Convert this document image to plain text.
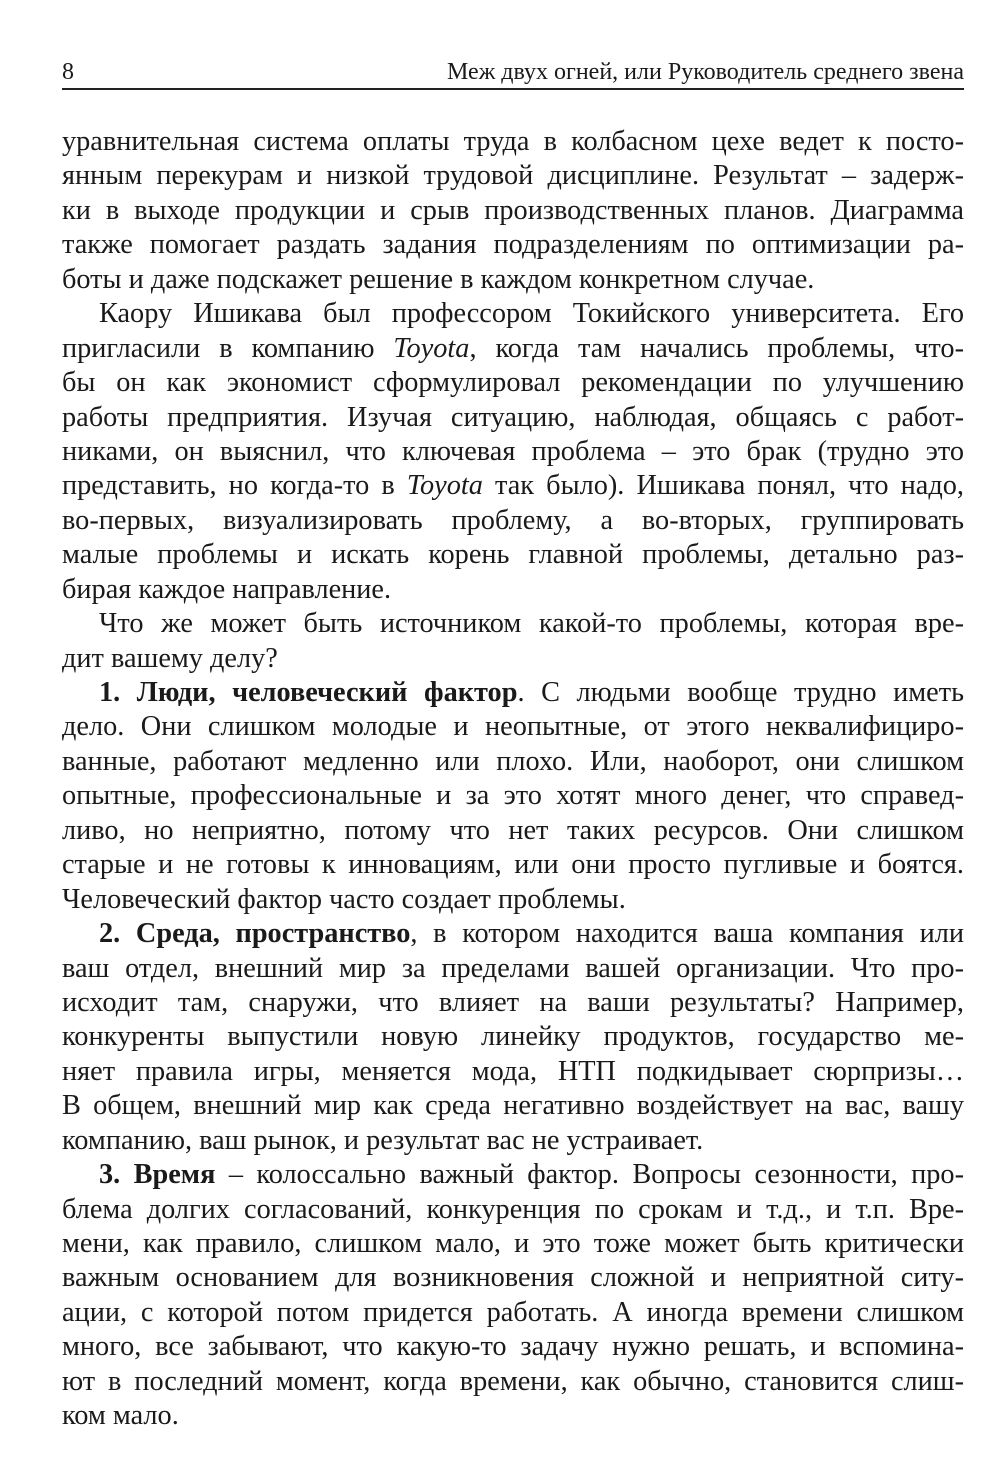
8	Меж двух огней, или Руководитель среднего звена

уравнительная система оплаты труда в колбасном цехе ведет к посто-
янным перекурам и низкой трудовой дисциплине. Результат – задерж-
ки в выходе продукции и срыв производственных планов. Диаграмма
также помогает раздать задания подразделениям по оптимизации ра-
боты и даже подскажет решение в каждом конкретном случае.

Каору Ишикава был профессором Токийского университета. Его
пригласили в компанию Toyota, когда там начались проблемы, что-
бы он как экономист сформулировал рекомендации по улучшению
работы предприятия. Изучая ситуацию, наблюдая, общаясь с работ-
никами, он выяснил, что ключевая проблема – это брак (трудно это
представить, но когда-то в Toyota так было). Ишикава понял, что надо,
во-первых, визуализировать проблему, а во-вторых, группировать
малые проблемы и искать корень главной проблемы, детально раз-
бирая каждое направление.

Что же может быть источником какой-то проблемы, которая вре-
дит вашему делу?

1. Люди, человеческий фактор. С людьми вообще трудно иметь
дело. Они слишком молодые и неопытные, от этого неквалифициро-
ванные, работают медленно или плохо. Или, наоборот, они слишком
опытные, профессиональные и за это хотят много денег, что справед-
ливо, но неприятно, потому что нет таких ресурсов. Они слишком
старые и не готовы к инновациям, или они просто пугливые и боятся.
Человеческий фактор часто создает проблемы.

2. Среда, пространство, в котором находится ваша компания или
ваш отдел, внешний мир за пределами вашей организации. Что про-
исходит там, снаружи, что влияет на ваши результаты? Например,
конкуренты выпустили новую линейку продуктов, государство ме-
няет правила игры, меняется мода, НТП подкидывает сюрпризы…
В общем, внешний мир как среда негативно воздействует на вас, вашу
компанию, ваш рынок, и результат вас не устраивает.

3. Время – колоссально важный фактор. Вопросы сезонности, про-
блема долгих согласований, конкуренция по срокам и т.д., и т.п. Вре-
мени, как правило, слишком мало, и это тоже может быть критически
важным основанием для возникновения сложной и неприятной ситу-
ации, с которой потом придется работать. А иногда времени слишком
много, все забывают, что какую-то задачу нужно решать, и вспомина-
ют в последний момент, когда времени, как обычно, становится слиш-
ком мало.
